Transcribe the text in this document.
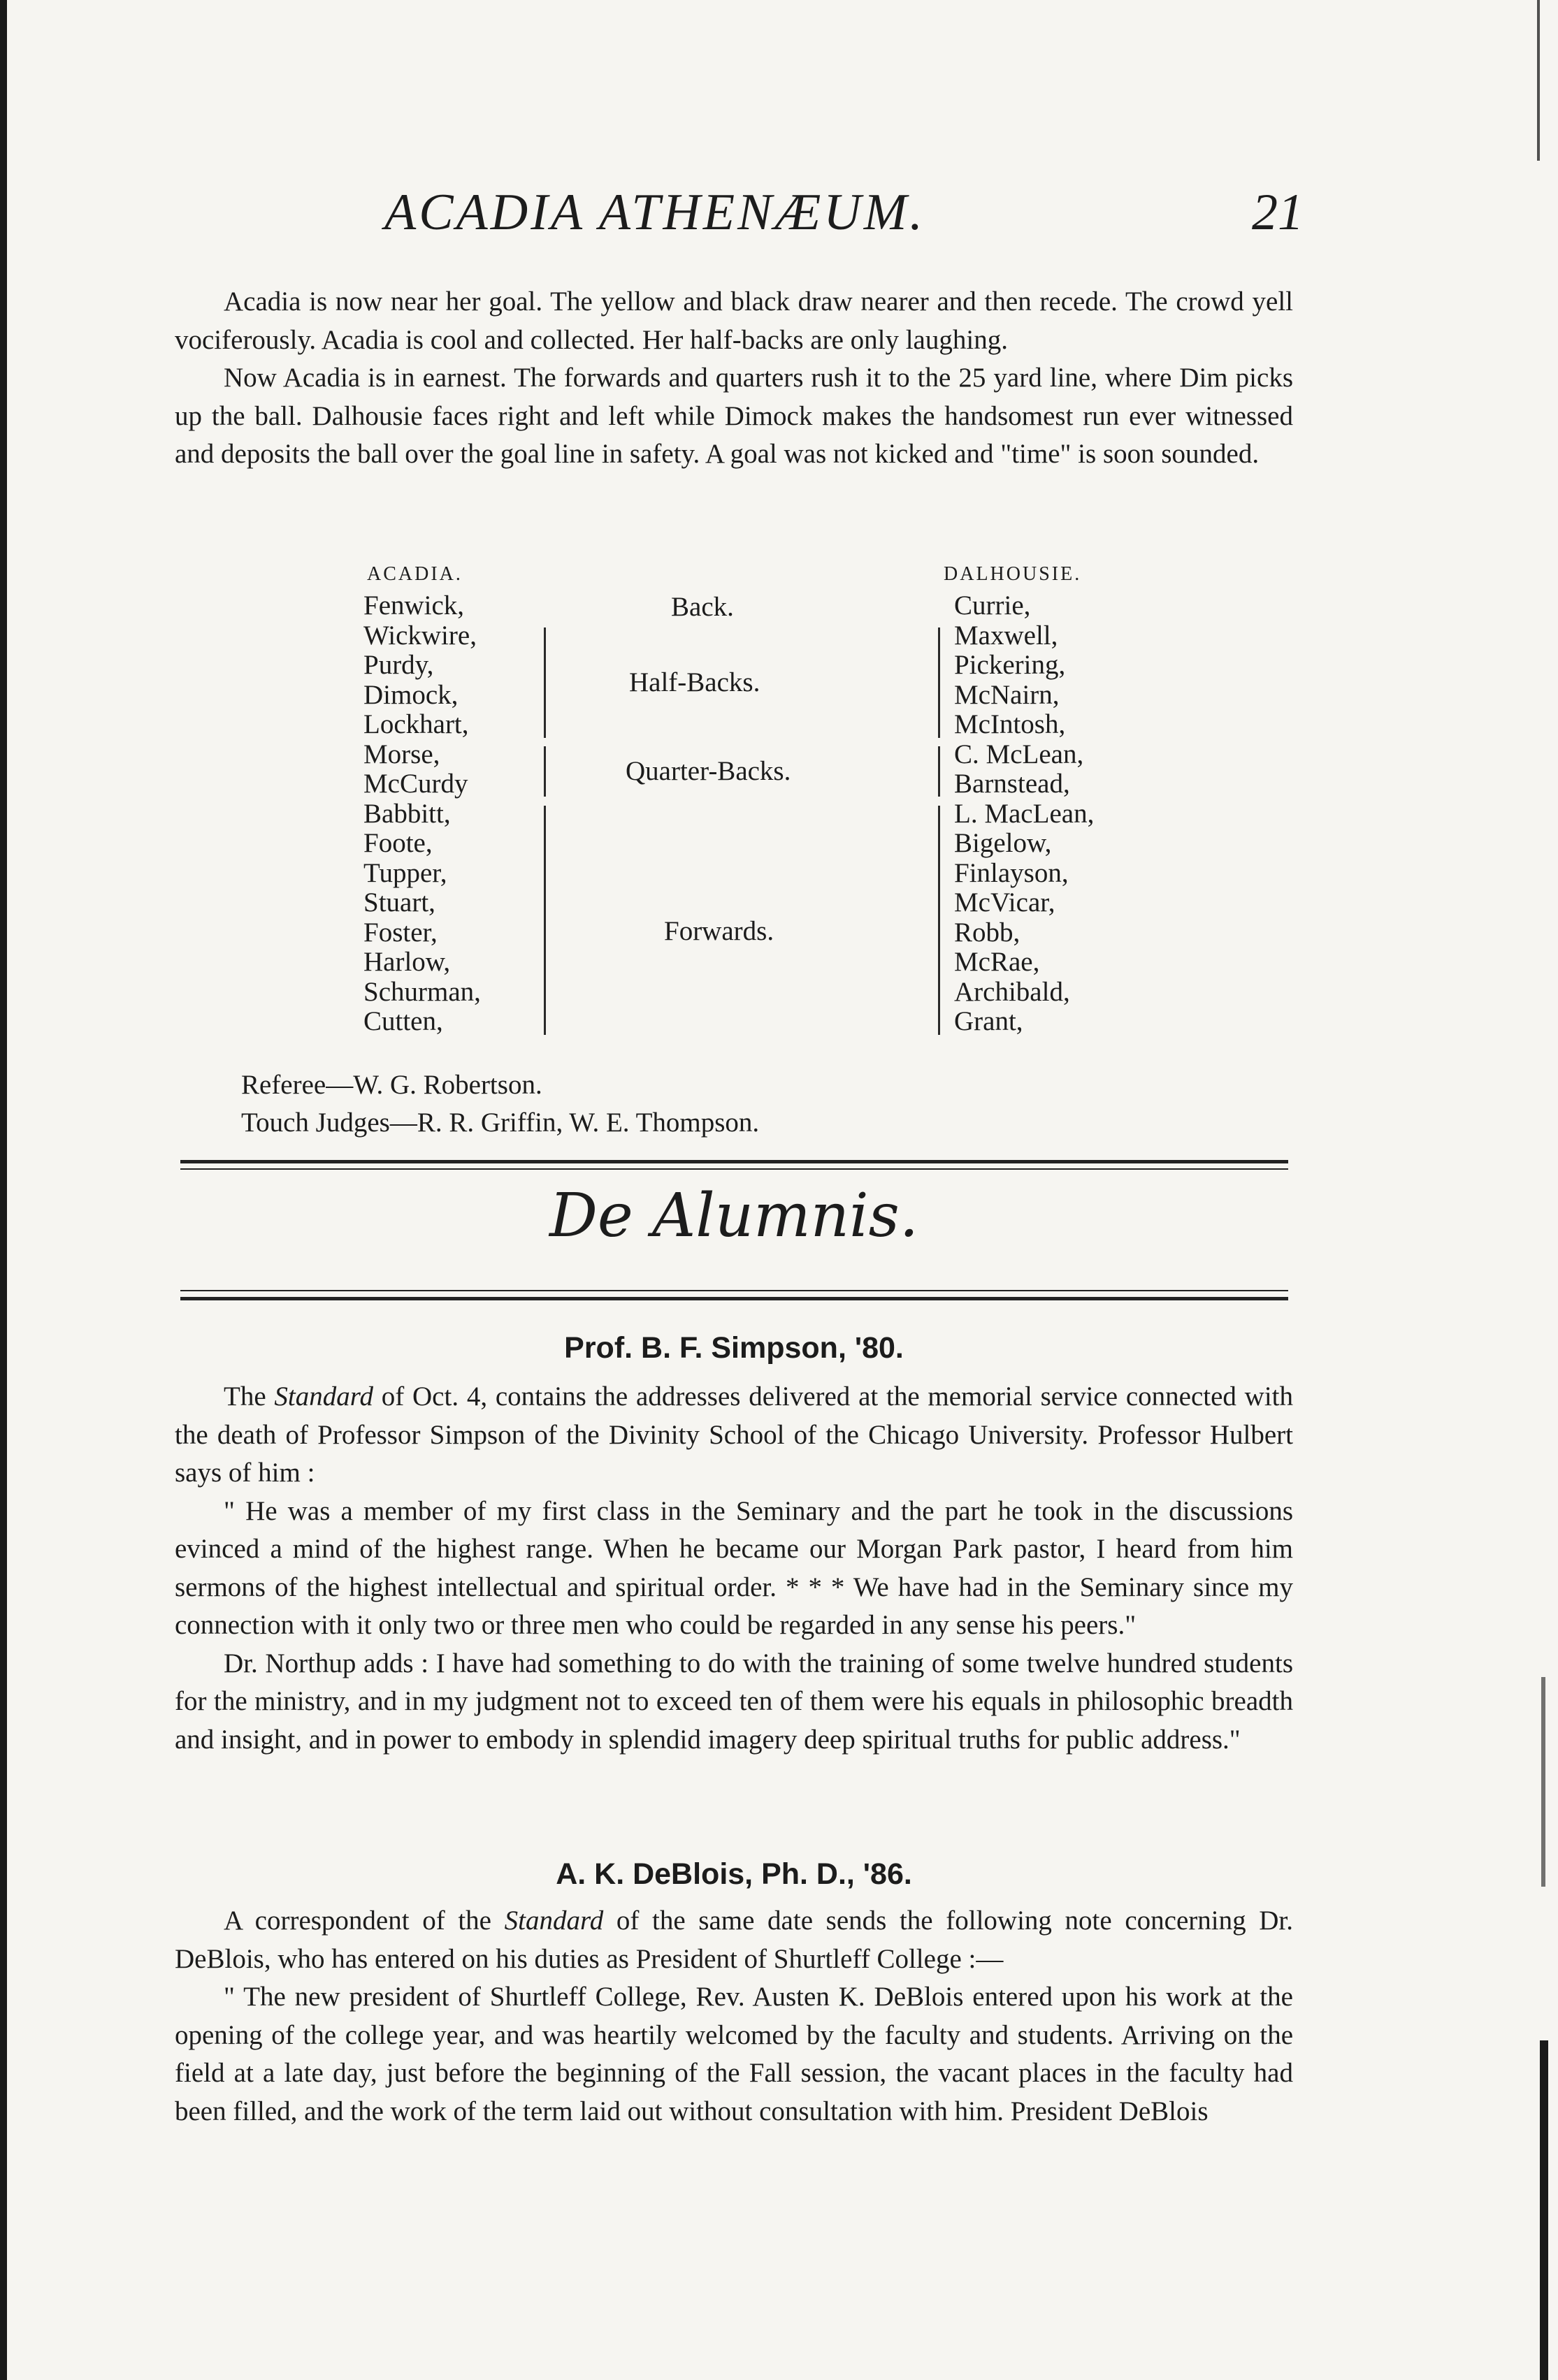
ACADIA ATHENÆUM.	21

Acadia is now near her goal. The yellow and black draw nearer and then recede. The crowd yell vociferously. Acadia is cool and collected. Her half-backs are only laughing.

Now Acadia is in earnest. The forwards and quarters rush it to the 25 yard line, where Dim picks up the ball. Dalhousie faces right and left while Dimock makes the handsomest run ever witnessed and deposits the ball over the goal line in safety. A goal was not kicked and "time" is soon sounded.

ACADIA.	DALHOUSIE.
Fenwick,
Wickwire,
Purdy,
Dimock,
Lockhart,
Morse,
McCurdy
Babbitt,
Foote,
Tupper,
Stuart,
Foster,
Harlow,
Schurman,
Cutten,
Back.
Half-Backs.
Quarter-Backs.
Forwards.
Currie,
Maxwell,
Pickering,
McNairn,
McIntosh,
C. McLean,
Barnstead,
L. MacLean,
Bigelow,
Finlayson,
McVicar,
Robb,
McRae,
Archibald,
Grant,
Referee—W. G. Robertson.
Touch Judges—R. R. Griffin, W. E. Thompson.
De Alumnis.
Prof. B. F. Simpson, '80.

The Standard of Oct. 4, contains the addresses delivered at the memorial service connected with the death of Professor Simpson of the Divinity School of the Chicago University. Professor Hulbert says of him :

" He was a member of my first class in the Seminary and the part he took in the discussions evinced a mind of the highest range. When he became our Morgan Park pastor, I heard from him sermons of the highest intellectual and spiritual order. * * * We have had in the Seminary since my connection with it only two or three men who could be regarded in any sense his peers."

Dr. Northup adds : I have had something to do with the training of some twelve hundred students for the ministry, and in my judgment not to exceed ten of them were his equals in philosophic breadth and insight, and in power to embody in splendid imagery deep spiritual truths for public address."

A. K. DeBlois, Ph. D., '86.

A correspondent of the Standard of the same date sends the following note concerning Dr. DeBlois, who has entered on his duties as President of Shurtleff College :—

" The new president of Shurtleff College, Rev. Austen K. DeBlois entered upon his work at the opening of the college year, and was heartily welcomed by the faculty and students. Arriving on the field at a late day, just before the beginning of the Fall session, the vacant places in the faculty had been filled, and the work of the term laid out without consultation with him. President DeBlois
